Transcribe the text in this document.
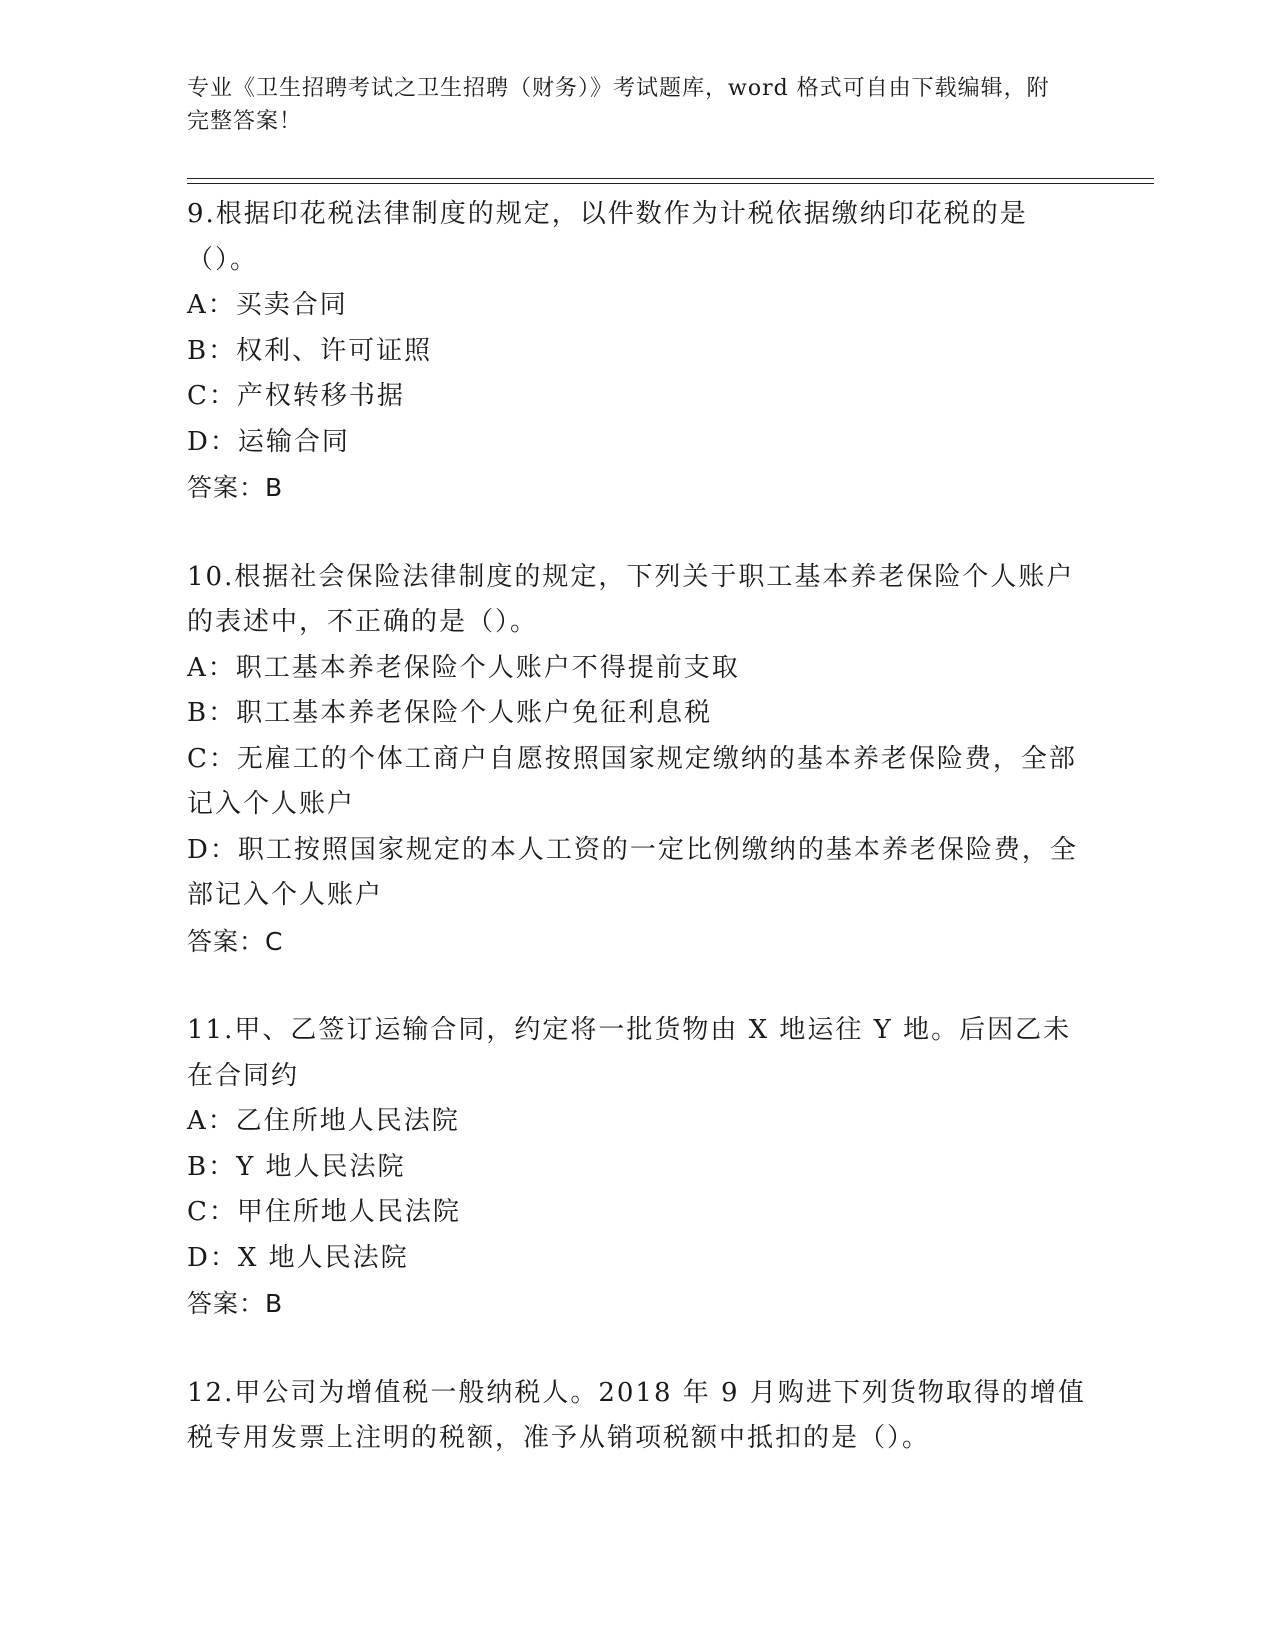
专业《卫生招聘考试之卫生招聘（财务）》考试题库，word 格式可自由下载编辑，附完整答案！

9.根据印花税法律制度的规定，以件数作为计税依据缴纳印花税的是（）。

A：买卖合同

B：权利、许可证照

C：产权转移书据

D：运输合同

答案：B

10.根据社会保险法律制度的规定，下列关于职工基本养老保险个人账户的表述中，不正确的是（）。

A：职工基本养老保险个人账户不得提前支取

B：职工基本养老保险个人账户免征利息税

C：无雇工的个体工商户自愿按照国家规定缴纳的基本养老保险费，全部记入个人账户

D：职工按照国家规定的本人工资的一定比例缴纳的基本养老保险费，全部记入个人账户

答案：C

11.甲、乙签订运输合同，约定将一批货物由 X 地运往 Y 地。后因乙未在合同约

A：乙住所地人民法院

B：Y 地人民法院

C：甲住所地人民法院

D：X 地人民法院

答案：B

12.甲公司为增值税一般纳税人。2018 年 9 月购进下列货物取得的增值税专用发票上注明的税额，准予从销项税额中抵扣的是（）。
